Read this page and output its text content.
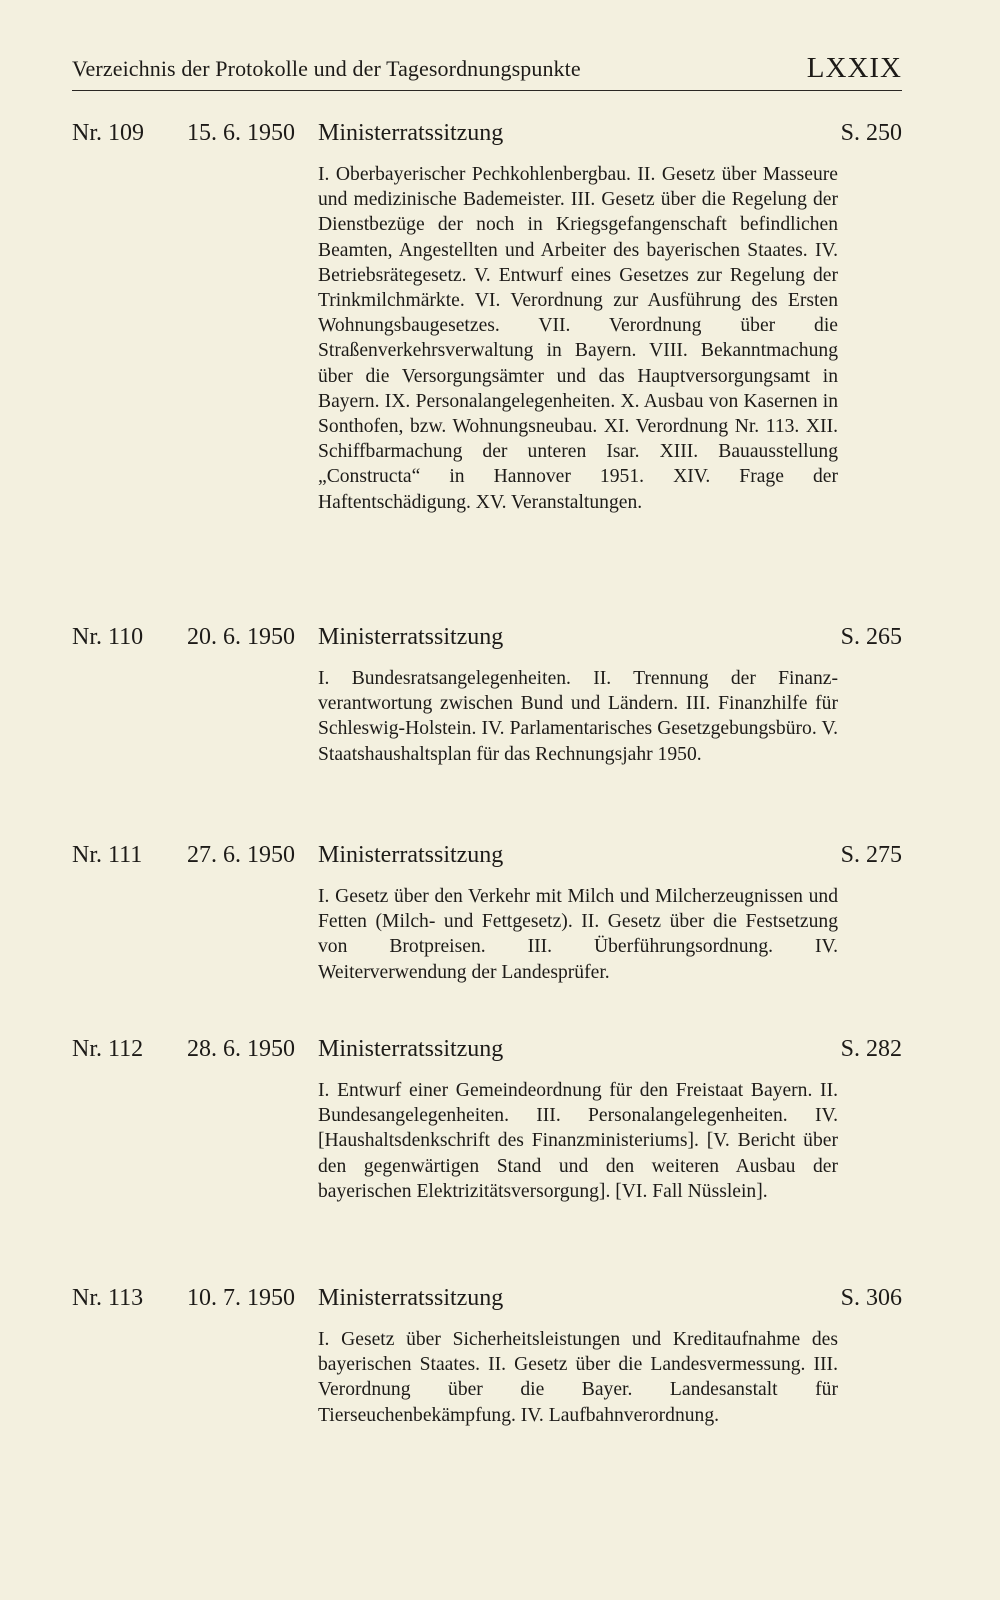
Verzeichnis der Protokolle und der Tagesordnungspunkte	LXXIX
Nr. 109 15. 6. 1950 Ministerratssitzung	S. 250
I. Oberbayerischer Pechkohlenbergbau. II. Gesetz über Masseure und medizinische Bademeister. III. Gesetz über die Regelung der Dienstbezüge der noch in Kriegsgefangenschaft befindlichen Beamten, Angestellten und Arbeiter des bayerischen Staates. IV. Betriebsrätegesetz. V. Entwurf eines Gesetzes zur Regelung der Trinkmilchmärkte. VI. Verordnung zur Ausführung des Ersten Wohnungsbaugesetzes. VII. Verordnung über die Straßenverkehrsverwaltung in Bayern. VIII. Bekanntmachung über die Versorgungsämter und das Hauptversorgungsamt in Bayern. IX. Personalangelegenheiten. X. Ausbau von Kasernen in Sonthofen, bzw. Wohnungsneubau. XI. Verordnung Nr. 113. XII. Schiffbarmachung der unteren Isar. XIII. Bauausstellung „Constructa“ in Hannover 1951. XIV. Frage der Haftentschädigung. XV. Veranstaltungen.
Nr. 110 20. 6. 1950 Ministerratssitzung	S. 265
I. Bundesratsangelegenheiten. II. Trennung der Finanzverantwortung zwischen Bund und Ländern. III. Finanzhilfe für Schleswig-Holstein. IV. Parlamentarisches Gesetzgebungsbüro. V. Staatshaushaltsplan für das Rechnungsjahr 1950.
Nr. 111 27. 6. 1950 Ministerratssitzung	S. 275
I. Gesetz über den Verkehr mit Milch und Milcherzeugnissen und Fetten (Milch- und Fettgesetz). II. Gesetz über die Festsetzung von Brotpreisen. III. Überführungsordnung. IV. Weiterverwendung der Landesprüfer.
Nr. 112 28. 6. 1950 Ministerratssitzung	S. 282
I. Entwurf einer Gemeindeordnung für den Freistaat Bayern. II. Bundesangelegenheiten. III. Personalangelegenheiten. IV. [Haushaltsdenkschrift des Finanzministeriums]. [V. Bericht über den gegenwärtigen Stand und den weiteren Ausbau der bayerischen Elektrizitätsversorgung]. [VI. Fall Nüsslein].
Nr. 113 10. 7. 1950 Ministerratssitzung	S. 306
I. Gesetz über Sicherheitsleistungen und Kreditaufnahme des bayerischen Staates. II. Gesetz über die Landesvermessung. III. Verordnung über die Bayer. Landesanstalt für Tierseuchenbekämpfung. IV. Laufbahnverordnung.
